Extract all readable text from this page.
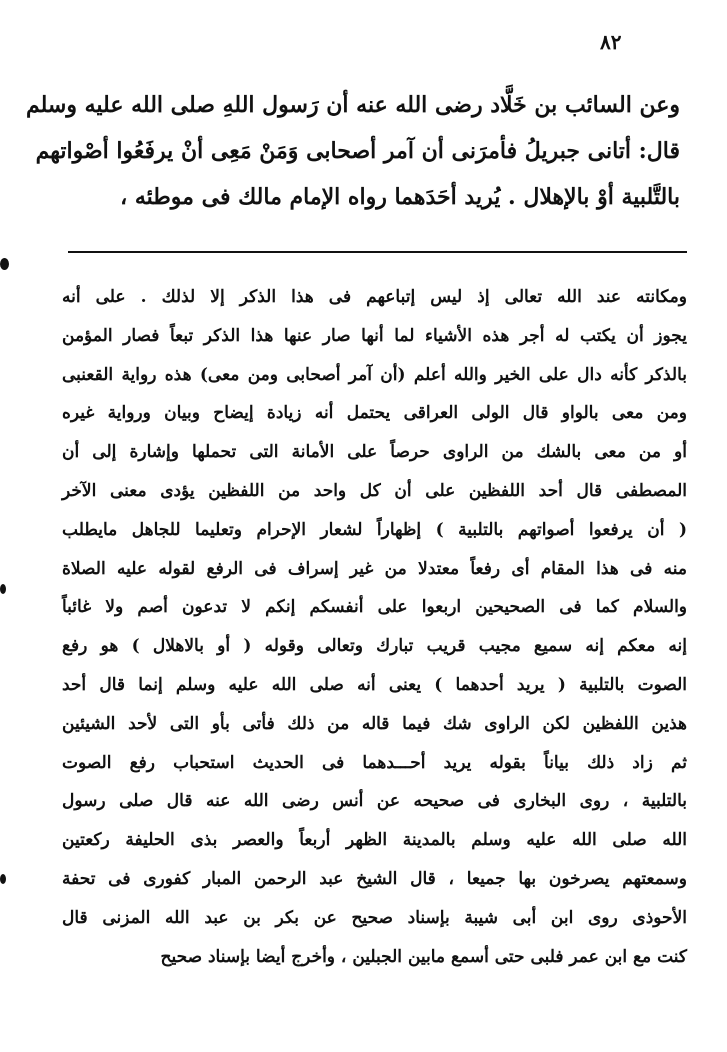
٨٢
وعن السائب بن خَلَّاد رضى الله عنه أن رَسول اللهِ صلى الله عليه وسلم
قال: أتانى جبريلُ فأمرَنى أن آمر أصحابى وَمَنْ مَعِى أنْ يرفَعُوا أصْواتهم
بالتَّلبية أوْ بالإهلال . يُريد أحَدَهما رواه الإمام مالك فى موطئه ،
ومكانته عند الله تعالى إذ ليس إتباعهم فى هذا الذكر إلا لذلك . على أنه
يجوز أن يكتب له أجر هذه الأشياء لما أنها صار عنها هذا الذكر تبعاً فصار المؤمن
بالذكر كأنه دال على الخير والله أعلم (أن آمر أصحابى ومن معى) هذه رواية القعنبى
ومن معى بالواو قال الولى العراقى يحتمل أنه زيادة إيضاح وبيان ورواية غيره
أو من معى بالشك من الراوى حرصاً على الأمانة التى تحملها وإشارة إلى أن
المصطفى قال أحد اللفظين على أن كل واحد من اللفظين يؤدى معنى الآخر
( أن يرفعوا أصواتهم بالتلبية ) إظهاراً لشعار الإحرام وتعليما للجاهل مايطلب
منه فى هذا المقام أى رفعاً معتدلا من غير إسراف فى الرفع لقوله عليه الصلاة
والسلام كما فى الصحيحين اربعوا على أنفسكم إنكم لا تدعون أصم ولا غائباً
إنه معكم إنه سميع مجيب قريب تبارك وتعالى وقوله ( أو بالاهلال ) هو رفع
الصوت بالتلبية ( يريد أحدهما ) يعنى أنه صلى الله عليه وسلم إنما قال أحد
هذين اللفظين لكن الراوى شك فيما قاله من ذلك فأتى بأو التى لأحد الشيئين
ثم زاد ذلك بياناً بقوله يريد أحـــدهما فى الحديث استحباب رفع الصوت
بالتلبية ، روى البخارى فى صحيحه عن أنس رضى الله عنه قال صلى رسول
الله صلى الله عليه وسلم بالمدينة الظهر أربعاً والعصر بذى الحليفة ركعتين
وسمعتهم يصرخون بها جميعا ، قال الشيخ عبد الرحمن المبار كفورى فى تحفة
الأحوذى روى ابن أبى شيبة بإسناد صحيح عن بكر بن عبد الله المزنى قال
كنت مع ابن عمر فلبى حتى أسمع مابين الجبلين ، وأخرج أيضا بإسناد صحيح
